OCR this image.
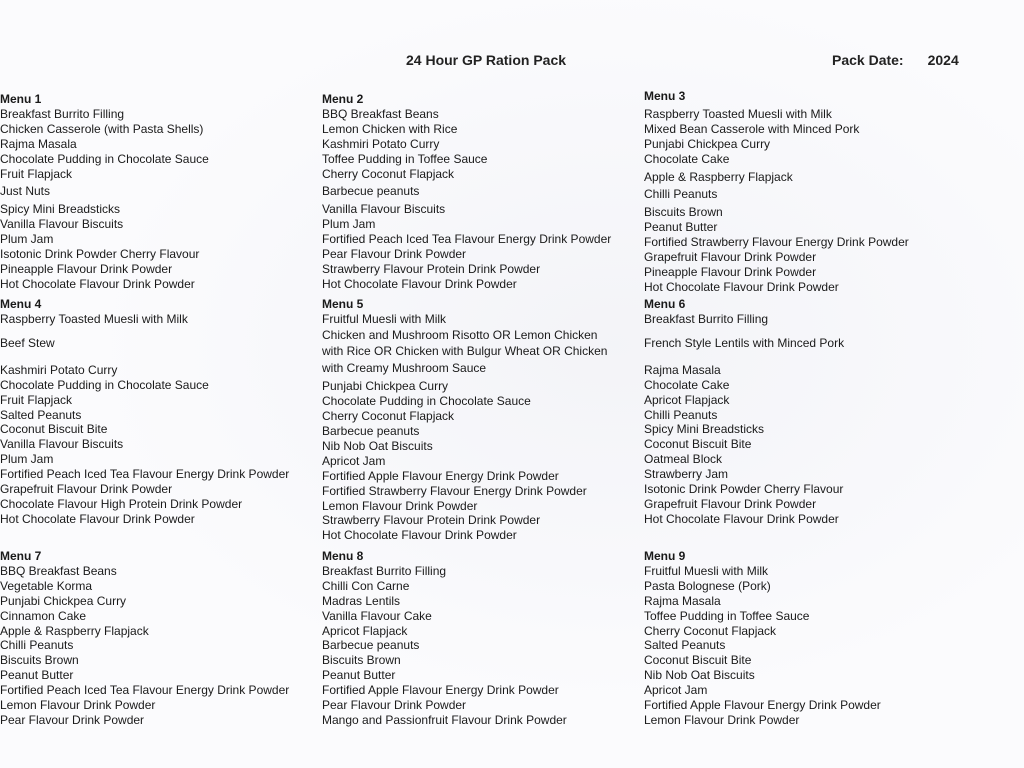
24 Hour GP Ration Pack	Pack Date: 2024
Menu 1
Breakfast Burrito Filling
Chicken Casserole (with Pasta Shells)
Rajma Masala
Chocolate Pudding in Chocolate Sauce
Fruit Flapjack
Just Nuts
Spicy Mini Breadsticks
Vanilla Flavour Biscuits
Plum Jam
Isotonic Drink Powder Cherry Flavour
Pineapple Flavour Drink Powder
Hot Chocolate Flavour Drink Powder
Menu 2
BBQ Breakfast Beans
Lemon Chicken with Rice
Kashmiri Potato Curry
Toffee Pudding in Toffee Sauce
Cherry Coconut Flapjack
Barbecue peanuts
Vanilla Flavour Biscuits
Plum Jam
Fortified Peach Iced Tea Flavour Energy Drink Powder
Pear Flavour Drink Powder
Strawberry Flavour Protein Drink Powder
Hot Chocolate Flavour Drink Powder
Menu 3
Raspberry Toasted Muesli with Milk
Mixed Bean Casserole with Minced Pork
Punjabi Chickpea Curry
Chocolate Cake
Apple & Raspberry Flapjack
Chilli Peanuts
Biscuits Brown
Peanut Butter
Fortified Strawberry Flavour Energy Drink Powder
Grapefruit Flavour Drink Powder
Pineapple Flavour Drink Powder
Hot Chocolate Flavour Drink Powder
Menu 4
Raspberry Toasted Muesli with Milk
Beef Stew
Kashmiri Potato Curry
Chocolate Pudding in Chocolate Sauce
Fruit Flapjack
Salted Peanuts
Coconut Biscuit Bite
Vanilla Flavour Biscuits
Plum Jam
Fortified Peach Iced Tea Flavour Energy Drink Powder
Grapefruit Flavour Drink Powder
Chocolate Flavour High Protein Drink Powder
Hot Chocolate Flavour Drink Powder
Menu 5
Fruitful Muesli with Milk
Chicken and Mushroom Risotto OR Lemon Chicken with Rice OR Chicken with Bulgur Wheat OR Chicken with Creamy Mushroom Sauce
Punjabi Chickpea Curry
Chocolate Pudding in Chocolate Sauce
Cherry Coconut Flapjack
Barbecue peanuts
Nib Nob Oat Biscuits
Apricot Jam
Fortified Apple Flavour Energy Drink Powder
Fortified Strawberry Flavour Energy Drink Powder
Lemon Flavour Drink Powder
Strawberry Flavour Protein Drink Powder
Hot Chocolate Flavour Drink Powder
Menu 6
Breakfast Burrito Filling
French Style Lentils with Minced Pork
Rajma Masala
Chocolate Cake
Apricot Flapjack
Chilli Peanuts
Spicy Mini Breadsticks
Coconut Biscuit Bite
Oatmeal Block
Strawberry Jam
Isotonic Drink Powder Cherry Flavour
Grapefruit Flavour Drink Powder
Hot Chocolate Flavour Drink Powder
Menu 7
BBQ Breakfast Beans
Vegetable Korma
Punjabi Chickpea Curry
Cinnamon Cake
Apple & Raspberry Flapjack
Chilli Peanuts
Biscuits Brown
Peanut Butter
Fortified Peach Iced Tea Flavour Energy Drink Powder
Lemon Flavour Drink Powder
Pear Flavour Drink Powder
Menu 8
Breakfast Burrito Filling
Chilli Con Carne
Madras Lentils
Vanilla Flavour Cake
Apricot Flapjack
Barbecue peanuts
Biscuits Brown
Peanut Butter
Fortified Apple Flavour Energy Drink Powder
Pear Flavour Drink Powder
Mango and Passionfruit Flavour Drink Powder
Menu 9
Fruitful Muesli with Milk
Pasta Bolognese (Pork)
Rajma Masala
Toffee Pudding in Toffee Sauce
Cherry Coconut Flapjack
Salted Peanuts
Coconut Biscuit Bite
Nib Nob Oat Biscuits
Apricot Jam
Fortified Apple Flavour Energy Drink Powder
Lemon Flavour Drink Powder
